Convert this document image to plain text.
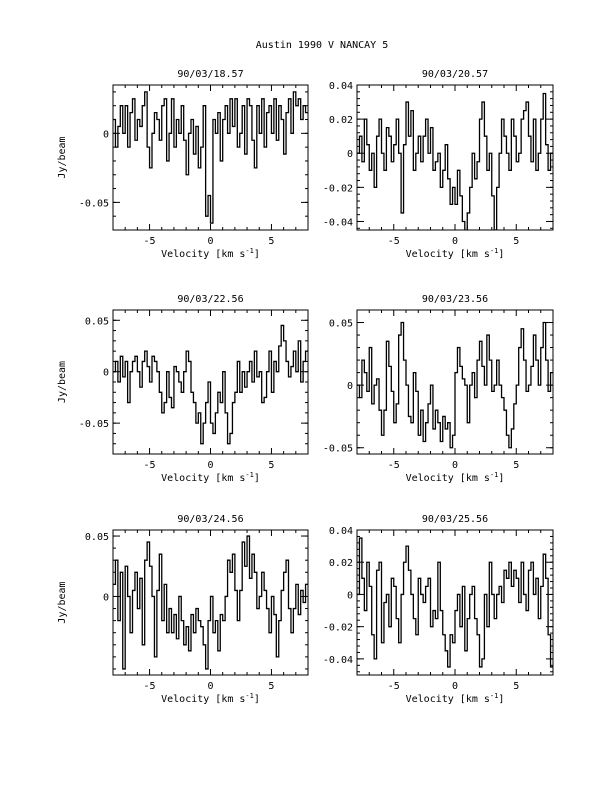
Austin 1990 V NANCAY 5
90/03/18.57
-5	0	5
0
-0.05
Velocity [km $s^{-1}$]
Jy/beam
90/03/20.57
-5	0	5
0.04
0.02
0
-0.02
-0.04
Velocity [km $s^{-1}$]
90/03/22.56
-5	0	5
0.05
0
-0.05
Velocity [km $s^{-1}$]
Jy/beam
90/03/23.56
-5	0	5
0.05
0
-0.05
Velocity [km $s^{-1}$]
90/03/24.56
-5	0	5
0.05
0
Velocity [km $s^{-1}$]
Jy/beam
90/03/25.56
-5	0	5
0.04
0.02
0
-0.02
-0.04
Velocity [km $s^{-1}$]
